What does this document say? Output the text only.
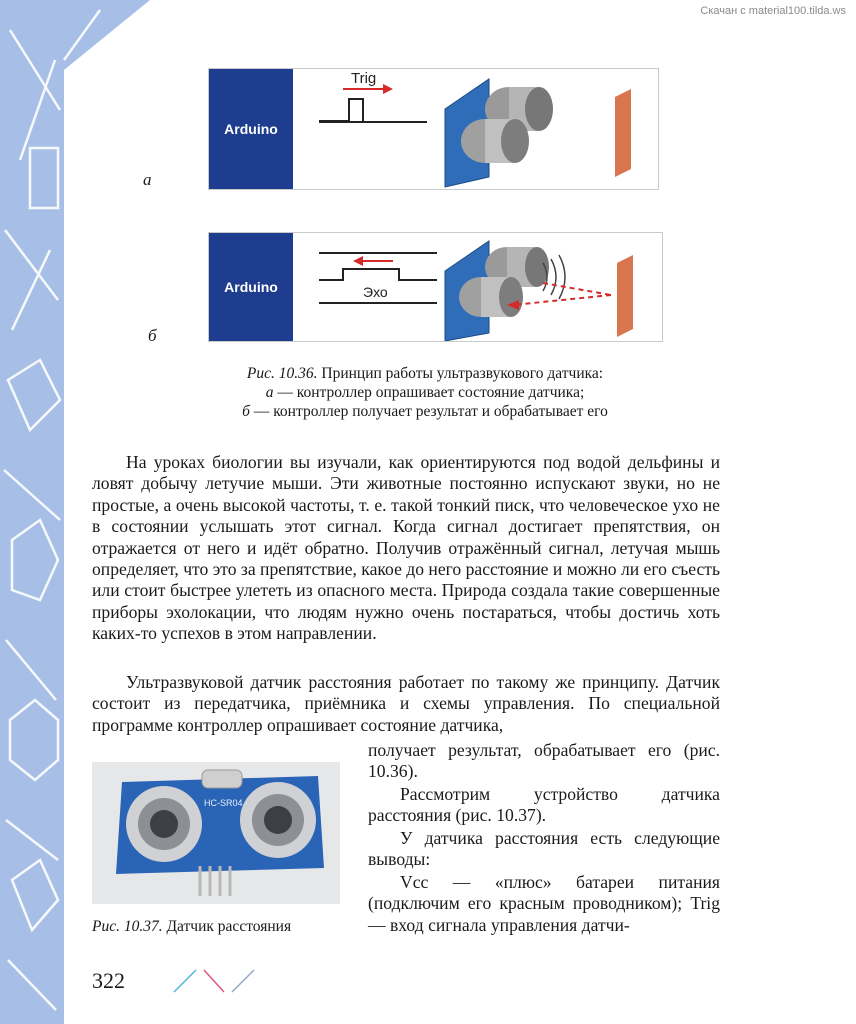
Скачан с material100.tilda.ws
Arduino
Trig
а
Arduino	Эхо
б
Рис. 10.36. Принцип работы ультразвукового датчика:
а — контроллер опрашивает состояние датчика;
б — контроллер получает результат и обрабатывает его
На уроках биологии вы изучали, как ориентируются под водой дельфины и ловят добычу летучие мыши. Эти животные постоянно испускают звуки, но не простые, а очень высокой частоты, т. е. такой тонкий писк, что человеческое ухо не в состоянии услышать этот сигнал. Когда сигнал достигает препятствия, он отражается от него и идёт обратно. Получив отражённый сигнал, летучая мышь определяет, что это за препятствие, какое до него расстояние и можно ли его съесть или стоит быстрее улететь из опасного места. Природа создала такие совершенные приборы эхолокации, что людям нужно очень постараться, чтобы достичь хоть каких-то успехов в этом направлении.
Ультразвуковой датчик расстояния работает по такому же принципу. Датчик состоит из передатчика, приёмника и схемы управления. По специальной программе контроллер опрашивает состояние датчика,
получает результат, обрабатывает его (рис. 10.36).
Рассмотрим устройство датчика расстояния (рис. 10.37).
У датчика расстояния есть следующие выводы:
Vcc — «плюс» батареи питания (подключим его красным проводником); Trig — вход сигнала управления датчи-
HC-SR04
Рис. 10.37. Датчик расстояния
322
